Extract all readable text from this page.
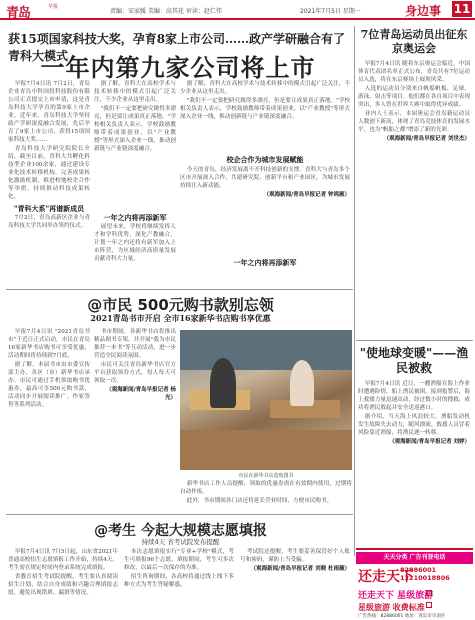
青岛	早报
责编：宋家媛 美编：高其花 审读：赵仁伟	2021年7月5日 星期一	身边事 11
获15项国家科技大奖，孕育8家上市公司……政产学研融合有了青科大模式
一年内第九家公司将上市

早报7月4日讯 7月2日，青岛企业青岛中科国投科技股份有限公司正式提交上市申请，这是青岛科技大学孕育的第9家上市企业。近年来，青岛科技大学坚持政产学研深度融合发展，先后孕育了9家上市公司、获得15项国家科技大奖……

青岛科技大学研究院院长介绍，截至目前，青科大共孵化科技型企业100余家，通过建设专业化技术转移机构、完善成果转化激励机制、推进校地校企合作等举措，持续推动科技成果转化。

"青科大系"再谱新成员

7月2日，青岛高新区企业与青岛科技大学共同举办签约仪式。

据了解，青科大在高校学术与技术转移中的模式引起广泛关注，不少企业从这里走出。

"我们不一定要把研究做得多漂亮，但是要让成果真正落地。"学校相关负责人表示，学校鼓励教师带着成果创业，以"产业教授"等形式深入企业一线，推动创新链与产业链深度融合。

据了解，青科大在高校学术与技术转移中的模式引起广泛关注，不少企业从这里走出。

"我们不一定要把研究做得多漂亮，但是要让成果真正落地。"学校相关负责人表示，学校鼓励教师带着成果创业，以"产业教授"等形式深入企业一线，推动创新链与产业链深度融合。

校企合作为城市发展赋能

今天的青岛，经济发展离不开科技创新的支撑。青科大与青岛多个区市开展深入合作，共建研究院、创新平台和产业园区，为城市发展持续注入新动能。

（观海新闻/青岛早报记者 钟鸿雁）

一年之内将再添新军

一年之内将再添新军

展望未来，学校将继续发挥人才和学科优势，深化产教融合，计划一年之内还将有新军加入上市阵营，为区域经济高质量发展贡献青科大力量。

7位青岛运动员出征东京奥运会

早报7月4日讯 随着东京奥运会临近，中国体育代表团名单正式公布，青岛共有7位运动员入选，将在东京赛场上展现风采。

入选的运动员分别来自帆船帆板、足球、游泳、射击等项目。他们都在各自项目中表现突出，多人曾在世界大赛中取得优异成绩。

业内人士表示，本届奥运会青岛籍运动员人数创下新高，体现了青岛竞技体育的发展水平，也为"帆船之都"增添了新的光彩。

（观海新闻/青岛早报记者 刘世杰）

@市民 500元购书款别忘领
2021青岛书市开启 全市16家新华书店购书享优惠

早报7月4日讯 "2021青岛书市"于近日正式启动，市民在青岛16家新华书店购书可享受优惠，活动期间将持续到7月底。

据了解，本届书市由市委宣传部主办，各区（市）新华书店承办。市民可通过手机领取购书优惠券，最高可享500元购书款，活动同步开展阅读推广、作家签售等系列活动。

书市期间，各新华书店将推出精品图书专架，并开展"我为市民推荐一本书"等互动活动，进一步营造全民阅读氛围。

市民可关注青岛新华书店官方平台获取领券方式，每人每天可领取一次。

（观海新闻/青岛早报记者 杨光）

市民在新华书店选购图书

新华书店工作人员提醒，领取的优惠券需在有效期内使用，过期将自动作废。

此外，书市期间各门店还将延长营业时间，方便市民购书。

"使地球变暖"——渔民被救

早报7月4日讯 近日，一艘渔船在海上作业时遭遇险情，船上渔民被困。接到报警后，海上救援力量迅速出动，经过数小时的搜救，成功将渔民救起并安全送返港口。

据介绍，当天海上风浪较大，渔船发动机发生故障失去动力，随风漂流。救援人员冒着风险靠近渔船，将渔民逐一转移。

（观海新闻/青岛早报记者 刘婷）

@考生 今起大规模志愿填报
持续4天 省考试院发布提醒

早报7月4日讯 7月5日起，山东省2021年普通高校招生志愿填报工作开始，持续4天。考生需在规定时间内登录系统完成填报。

省教育招生考试院提醒，考生要认真阅读招生计划，结合自身成绩和兴趣合理填报志愿，避免出现错填、漏填等情况。

本次志愿填报实行"专业+学校"模式，考生可填报96个志愿。填报期间，考生可多次修改，以最后一次保存的为准。

招生咨询期间，各高校将通过线上线下多种方式为考生答疑解惑。

考试院还提醒，考生要妥善保管好个人账号和密码，谨防上当受骗。

（观海新闻/青岛早报记者 刘晓 杜雨薇）

天天分类 广告刊登电话
还走天下
82886001 13210018806
还走天下 星级旅游
星级旅游 收费标准
广告热线：82886001 地址：青岛市市南区
